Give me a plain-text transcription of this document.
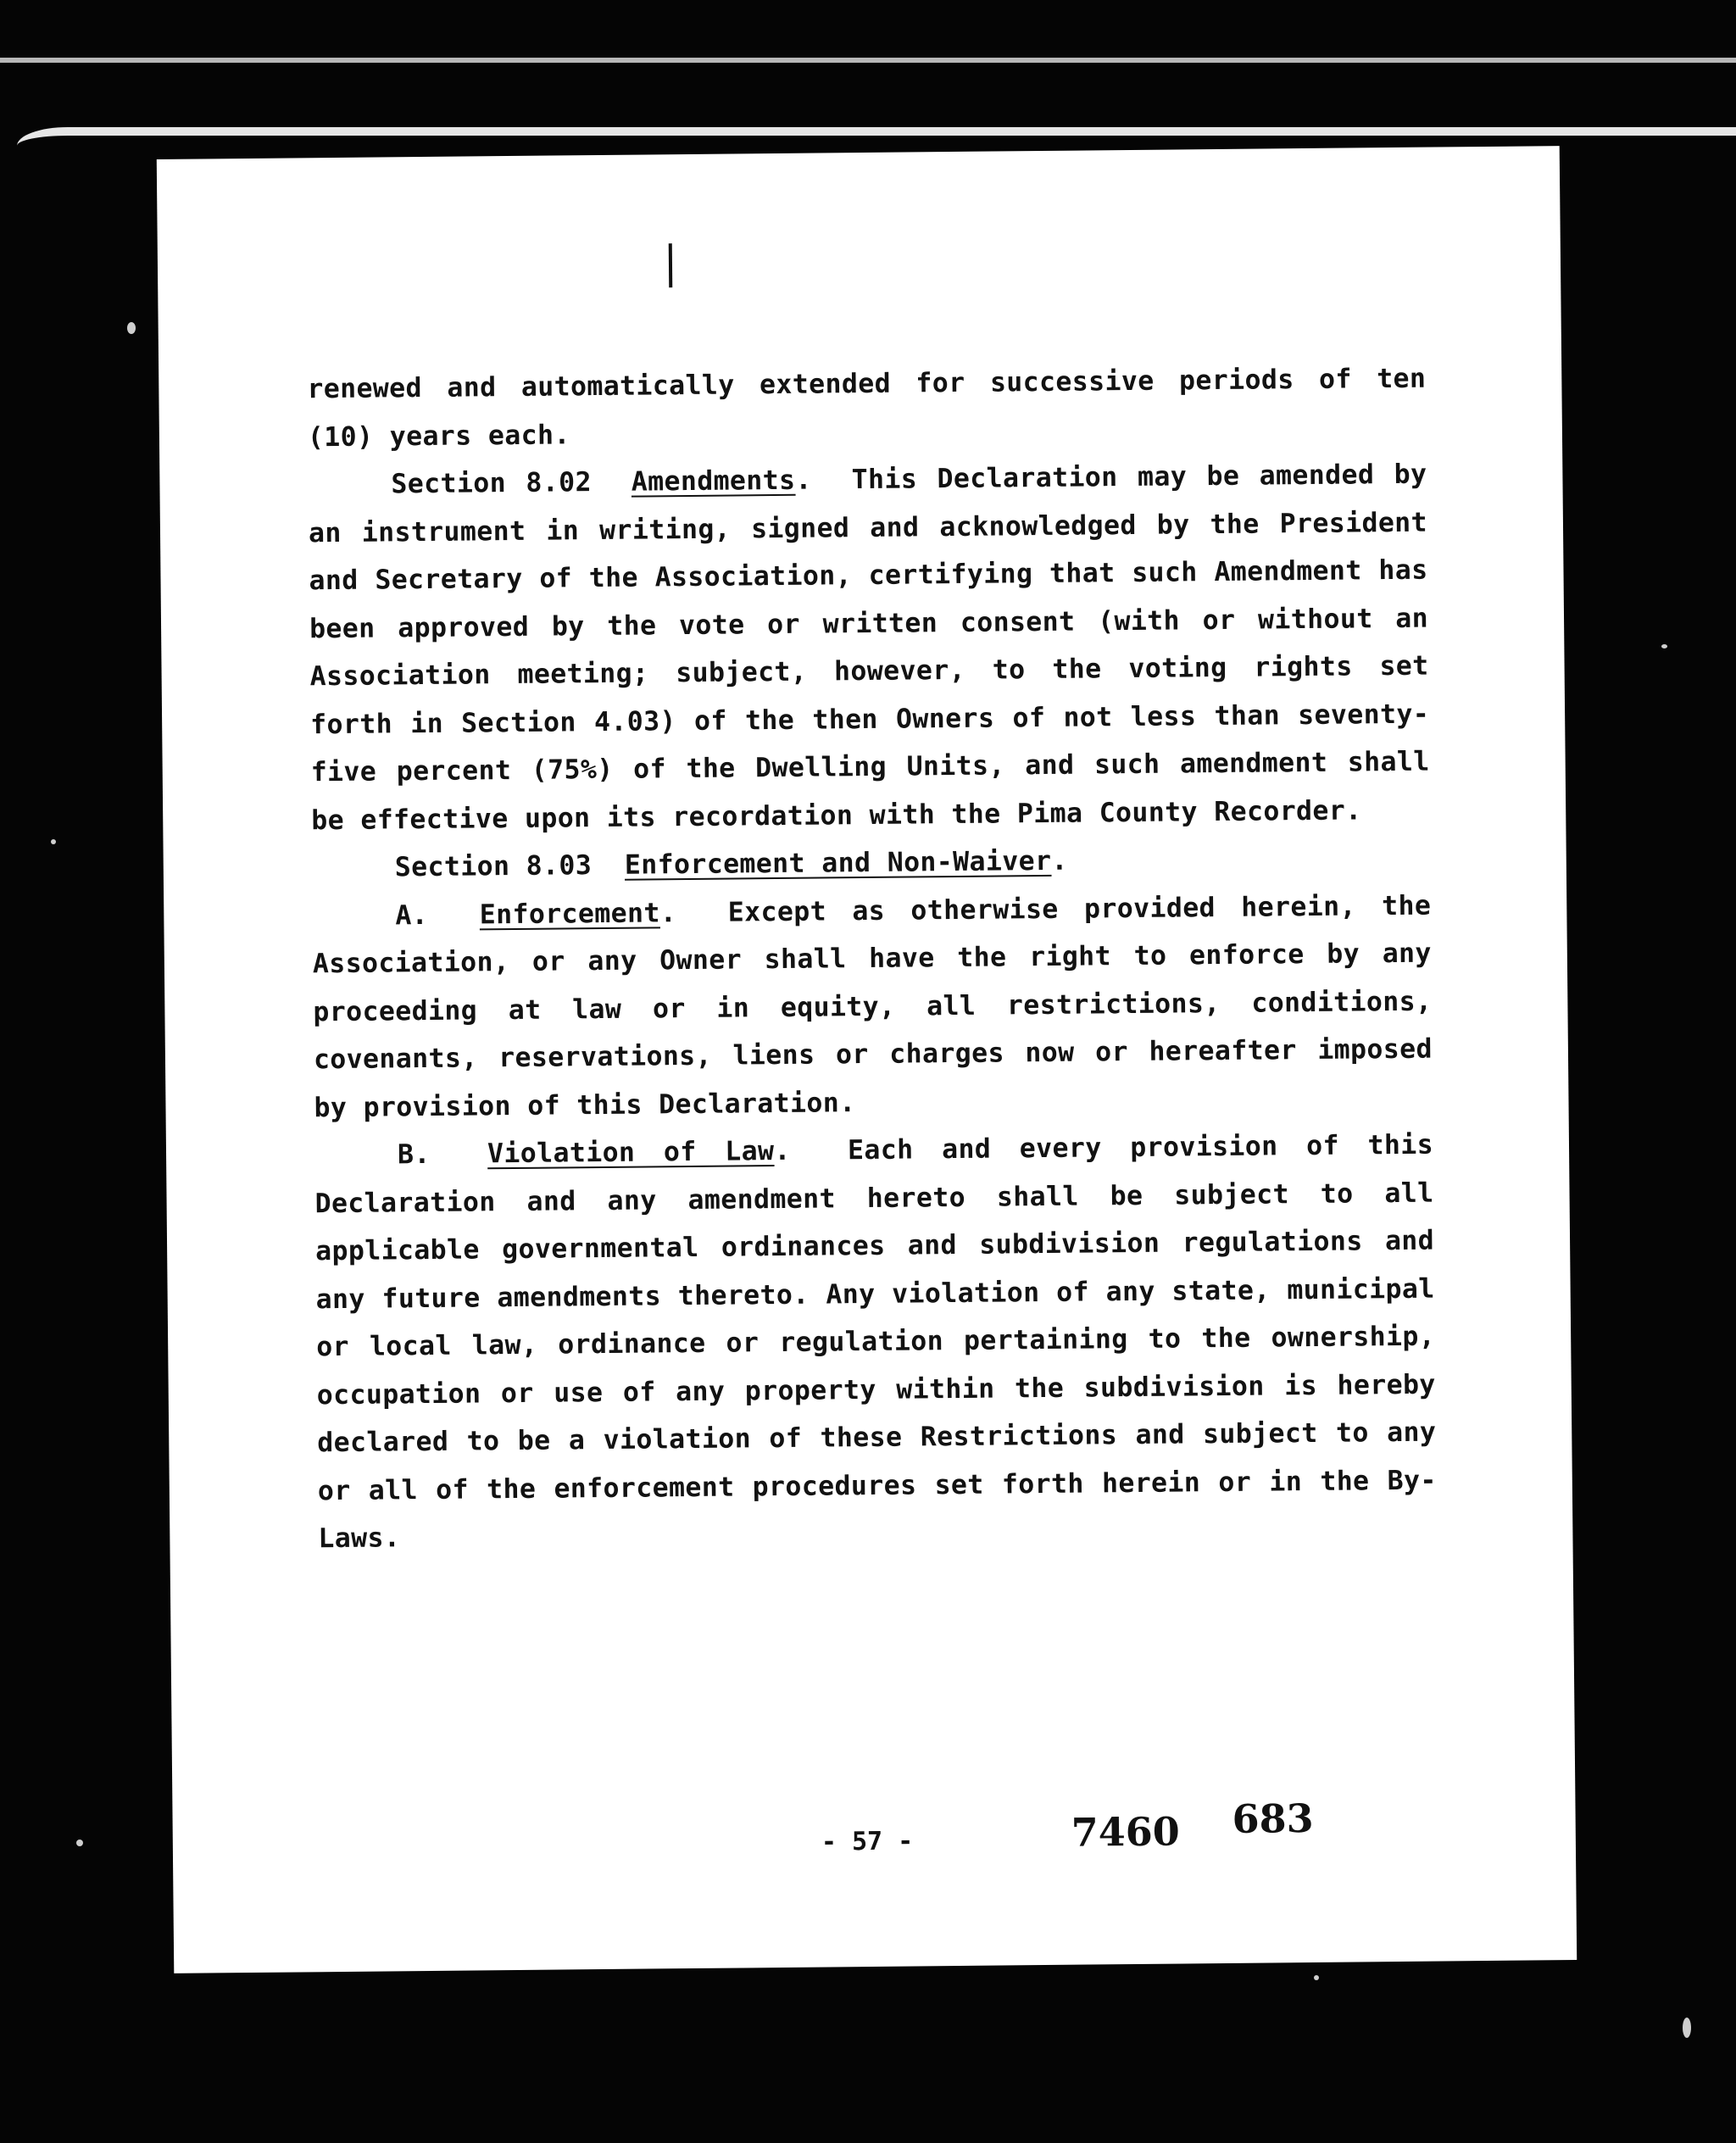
renewed and automatically extended for successive periods of ten (10) years each.

Section 8.02 Amendments.  This Declaration may be amended by an instrument in writing, signed and acknowledged by the President and Secretary of the Association, certifying that such Amendment has been approved by the vote or written consent (with or without an Association meeting; subject, however, to the voting rights set forth in Section 4.03) of the then Owners of not less than seventy-five percent (75%) of the Dwelling Units, and such amendment shall be effective upon its recordation with the Pima County Recorder.

Section 8.03 Enforcement and Non-Waiver.

A. Enforcement.  Except as otherwise provided herein, the Association, or any Owner shall have the right to enforce by any proceeding at law or in equity, all restrictions, conditions, covenants, reservations, liens or charges now or hereafter imposed by provision of this Declaration.

B. Violation of Law.  Each and every provision of this Declaration and any amendment hereto shall be subject to all applicable governmental ordinances and subdivision regulations and any future amendments thereto. Any violation of any state, municipal or local law, ordinance or regulation pertaining to the ownership, occupation or use of any property within the subdivision is hereby declared to be a violation of these Restrictions and subject to any or all of the enforcement procedures set forth herein or in the By-Laws.

- 57 -	7460 683
